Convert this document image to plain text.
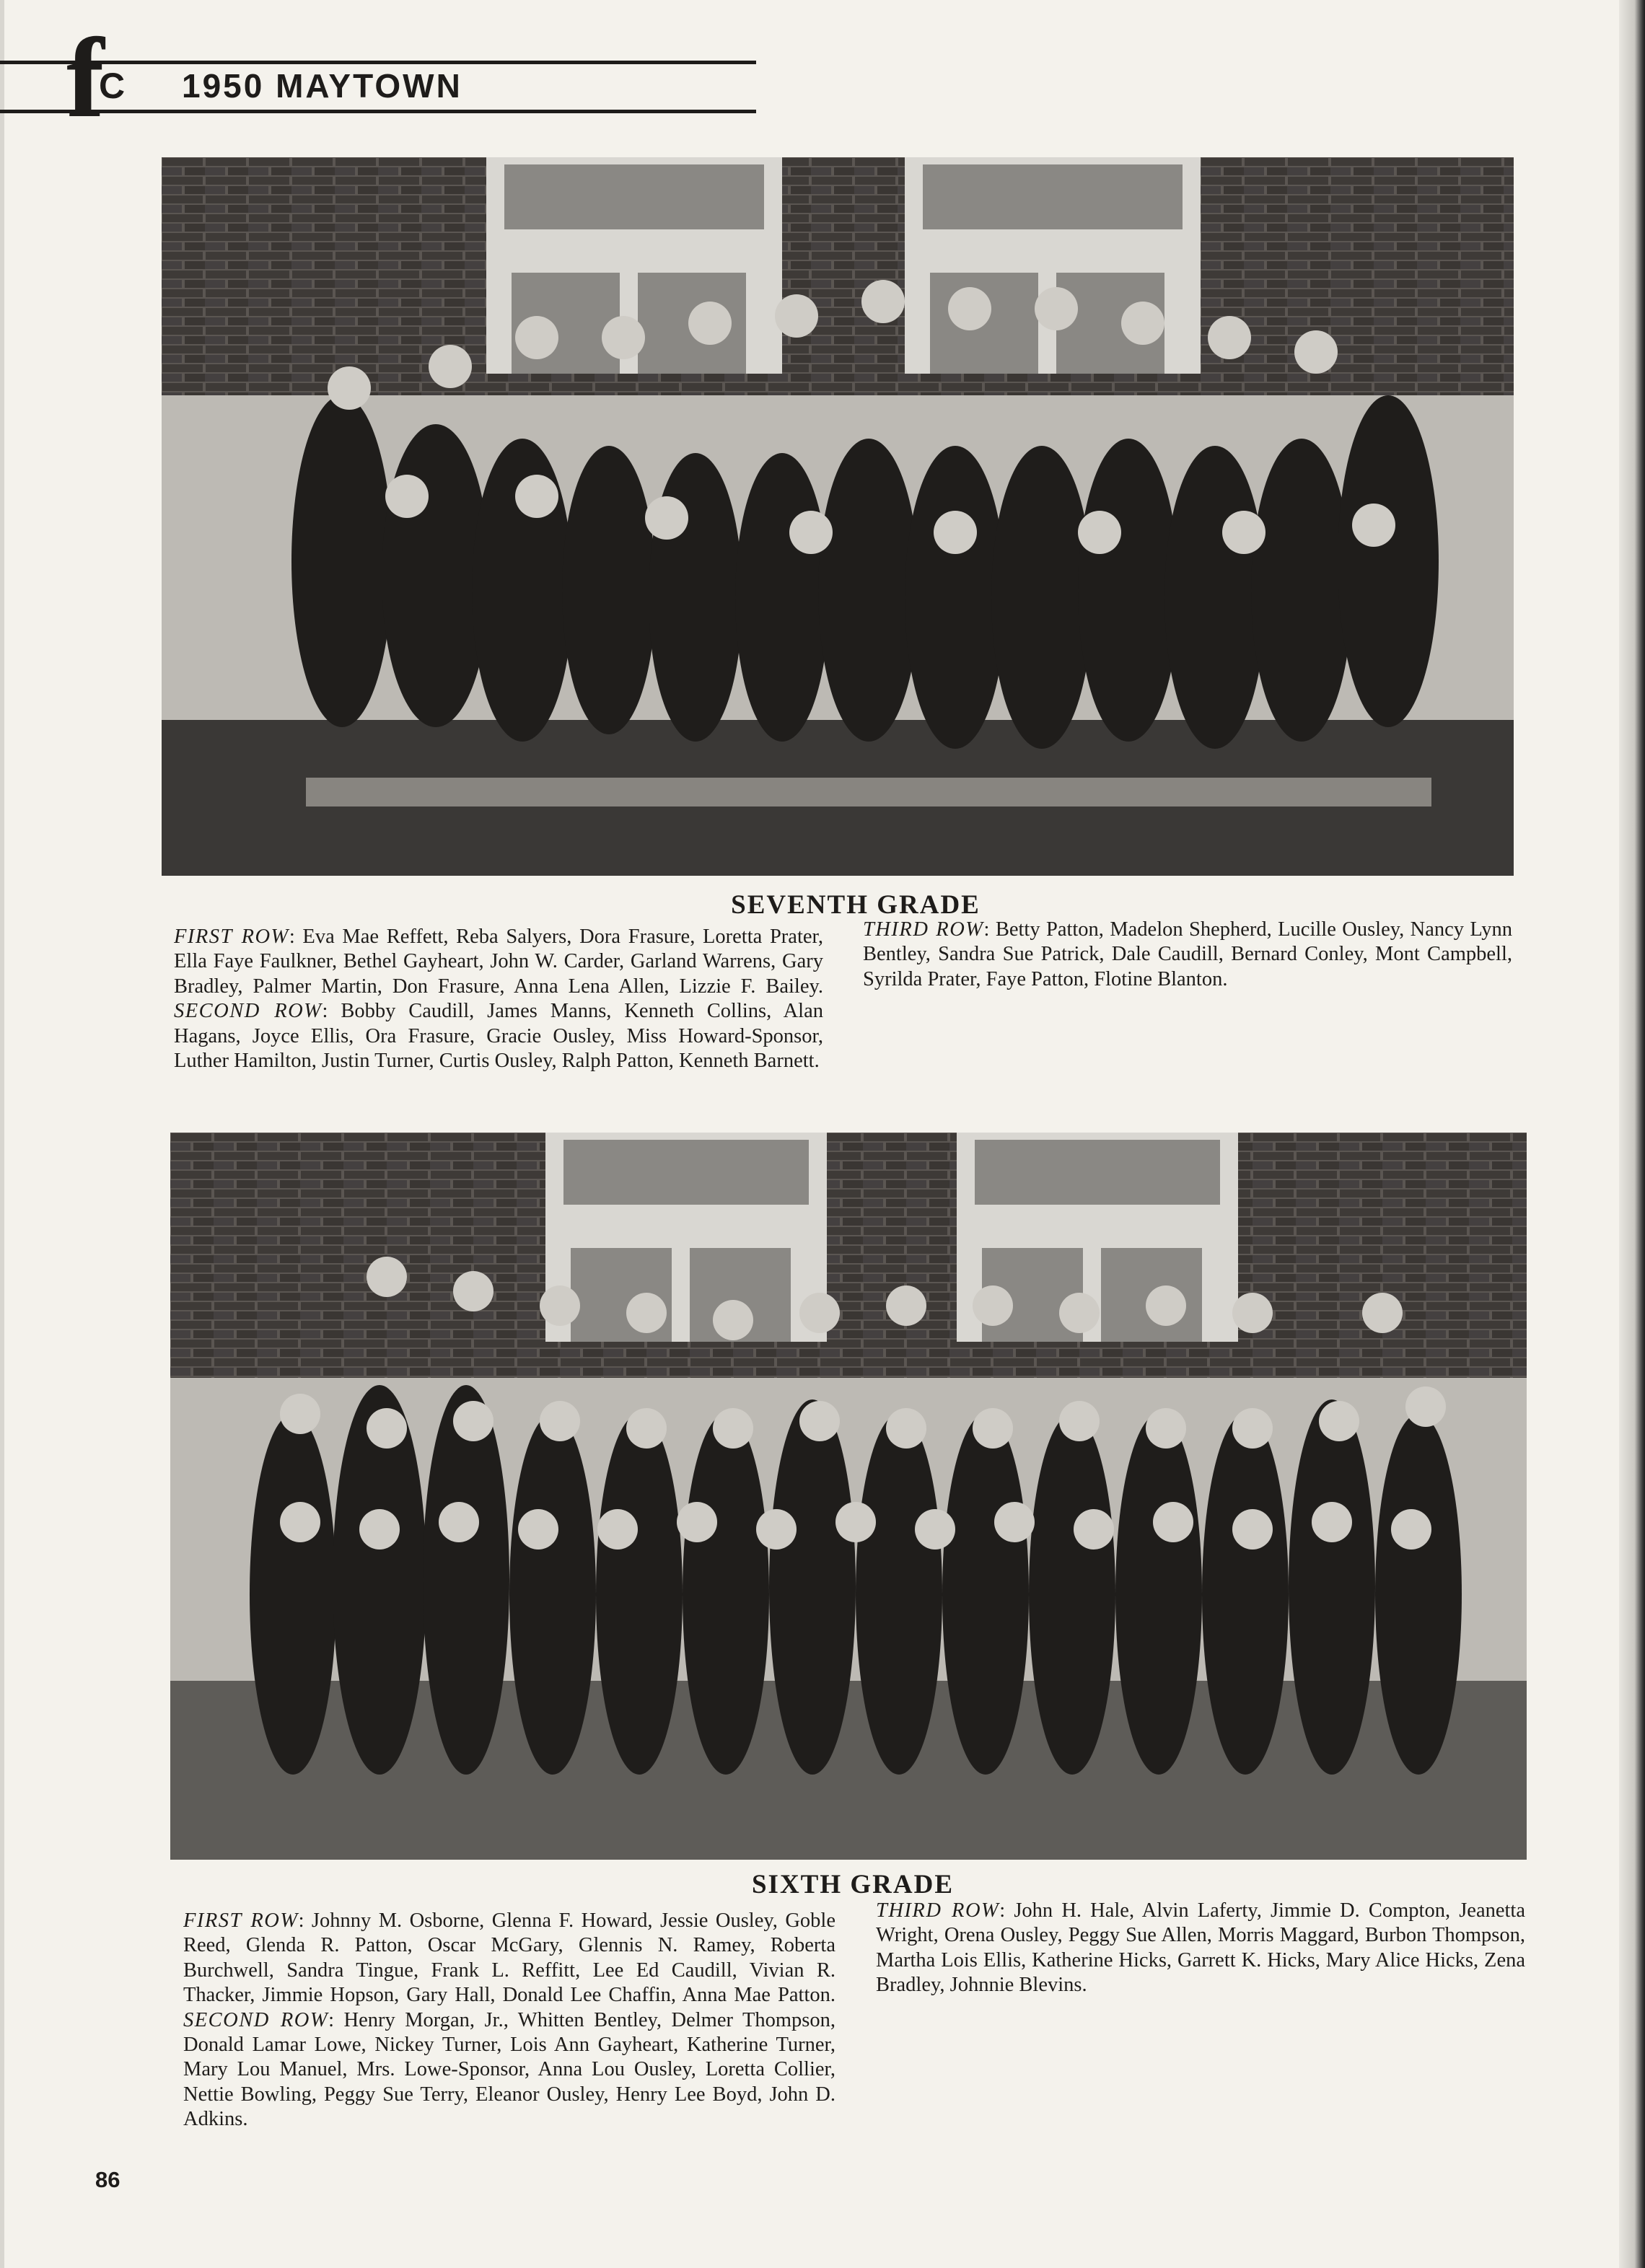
f
C 1950 MAYTOWN
SEVENTH GRADE
FIRST ROW: Eva Mae Reffett, Reba Salyers, Dora Frasure, Loretta Prater, Ella Faye Faulkner, Bethel Gayheart, John W. Carder, Garland Warrens, Gary Bradley, Palmer Martin, Don Frasure, Anna Lena Allen, Lizzie F. Bailey. SECOND ROW: Bobby Caudill, James Manns, Kenneth Collins, Alan Hagans, Joyce Ellis, Ora Frasure, Gracie Ousley, Miss Howard-Sponsor, Luther Hamilton, Justin Turner, Curtis Ousley, Ralph Patton, Kenneth Barnett.
THIRD ROW: Betty Patton, Madelon Shepherd, Lucille Ousley, Nancy Lynn Bentley, Sandra Sue Patrick, Dale Caudill, Bernard Conley, Mont Campbell, Syrilda Prater, Faye Patton, Flotine Blanton.
SIXTH GRADE
FIRST ROW: Johnny M. Osborne, Glenna F. Howard, Jessie Ousley, Goble Reed, Glenda R. Patton, Oscar McGary, Glennis N. Ramey, Roberta Burchwell, Sandra Tingue, Frank L. Reffitt, Lee Ed Caudill, Vivian R. Thacker, Jimmie Hopson, Gary Hall, Donald Lee Chaffin, Anna Mae Patton. SECOND ROW: Henry Morgan, Jr., Whitten Bentley, Delmer Thompson, Donald Lamar Lowe, Nickey Turner, Lois Ann Gayheart, Katherine Turner, Mary Lou Manuel, Mrs. Lowe-Sponsor, Anna Lou Ousley, Loretta Collier, Nettie Bowling, Peggy Sue Terry, Eleanor Ousley, Henry Lee Boyd, John D. Adkins.
THIRD ROW: John H. Hale, Alvin Laferty, Jimmie D. Compton, Jeanetta Wright, Orena Ousley, Peggy Sue Allen, Morris Maggard, Burbon Thompson, Martha Lois Ellis, Katherine Hicks, Garrett K. Hicks, Mary Alice Hicks, Zena Bradley, Johnnie Blevins.
86
